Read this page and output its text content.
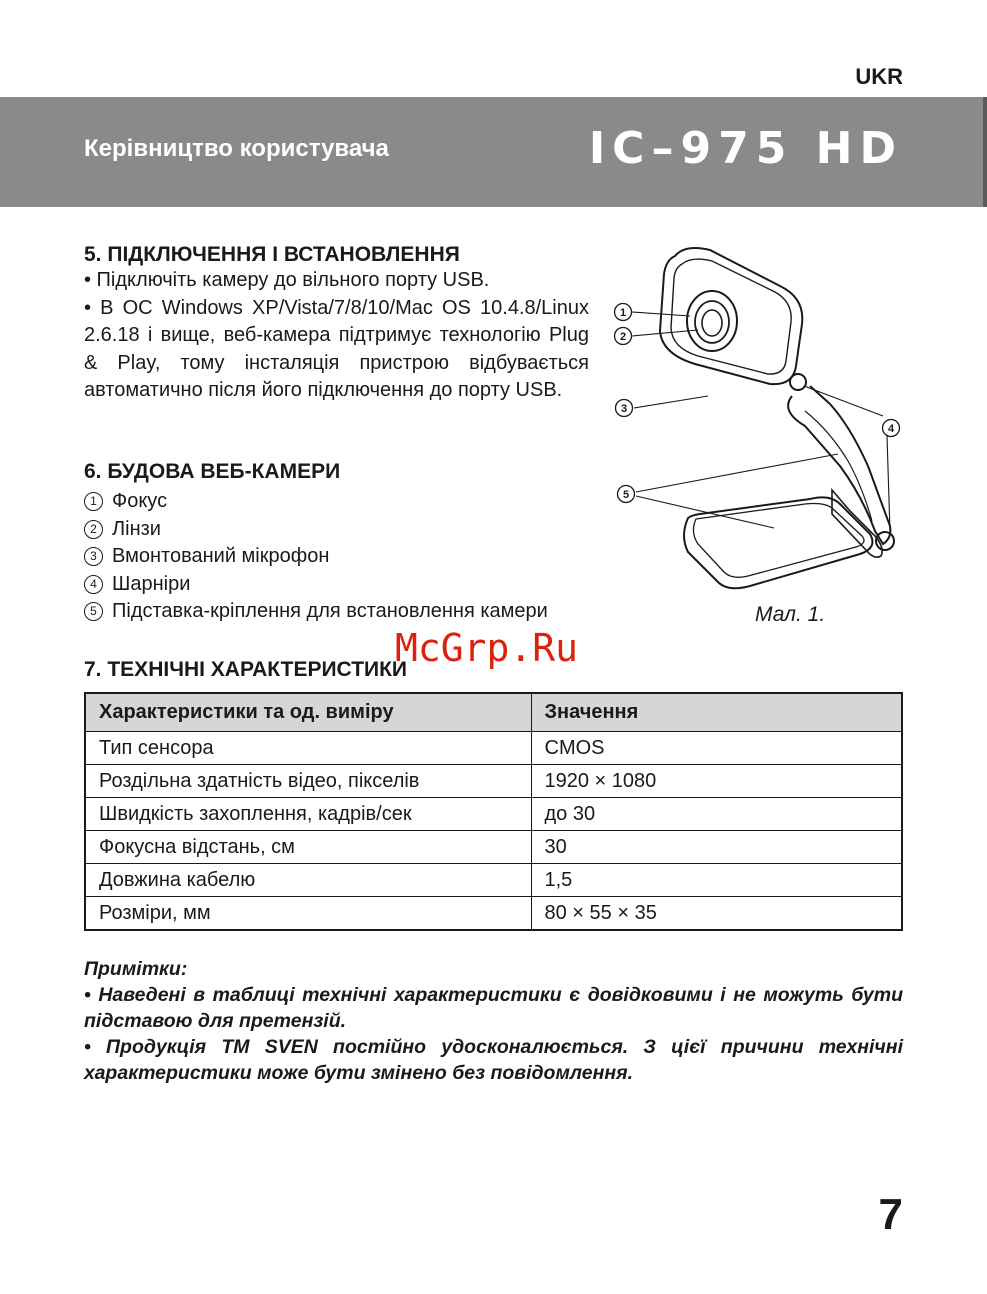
UKR
Керівництво користувача	IC–975 HD
5. ПІДКЛЮЧЕННЯ І ВСТАНОВЛЕННЯ

• Підключіть камеру до вільного порту USB.

• В ОС Windows XP/Vista/7/8/10/Mac OS 10.4.8/Linux 2.6.18 і вище, веб-камера підтримує технологію Plug & Play, тому інсталяція пристрою відбувається автоматично після його підключення до порту USB.

6. БУДОВА ВЕБ-КАМЕРИ
1 Фокус
2 Лінзи
3 Вмонтований мікрофон
4 Шарніри
5 Підставка-кріплення для встановлення камери
1
2
3
4
5
Мал. 1.
McGrp.Ru
7. ТЕХНІЧНІ ХАРАКТЕРИСТИКИ
Характеристики та од. виміру	Значення
Тип сенсора	CMOS
Роздільна здатність відео, пікселів	1920 × 1080
Швидкість захоплення, кадрів/сек	до 30
Фокусна відстань, см	30
Довжина кабелю	1,5
Розміри, мм	80 × 55 × 35

Примітки:

• Наведені в таблиці технічні характеристики є довідковими і не можуть бути підставою для претензій.

• Продукція TM SVEN постійно удосконалюється. З цієї причини технічні характеристики може бути змінено без повідомлення.

7
